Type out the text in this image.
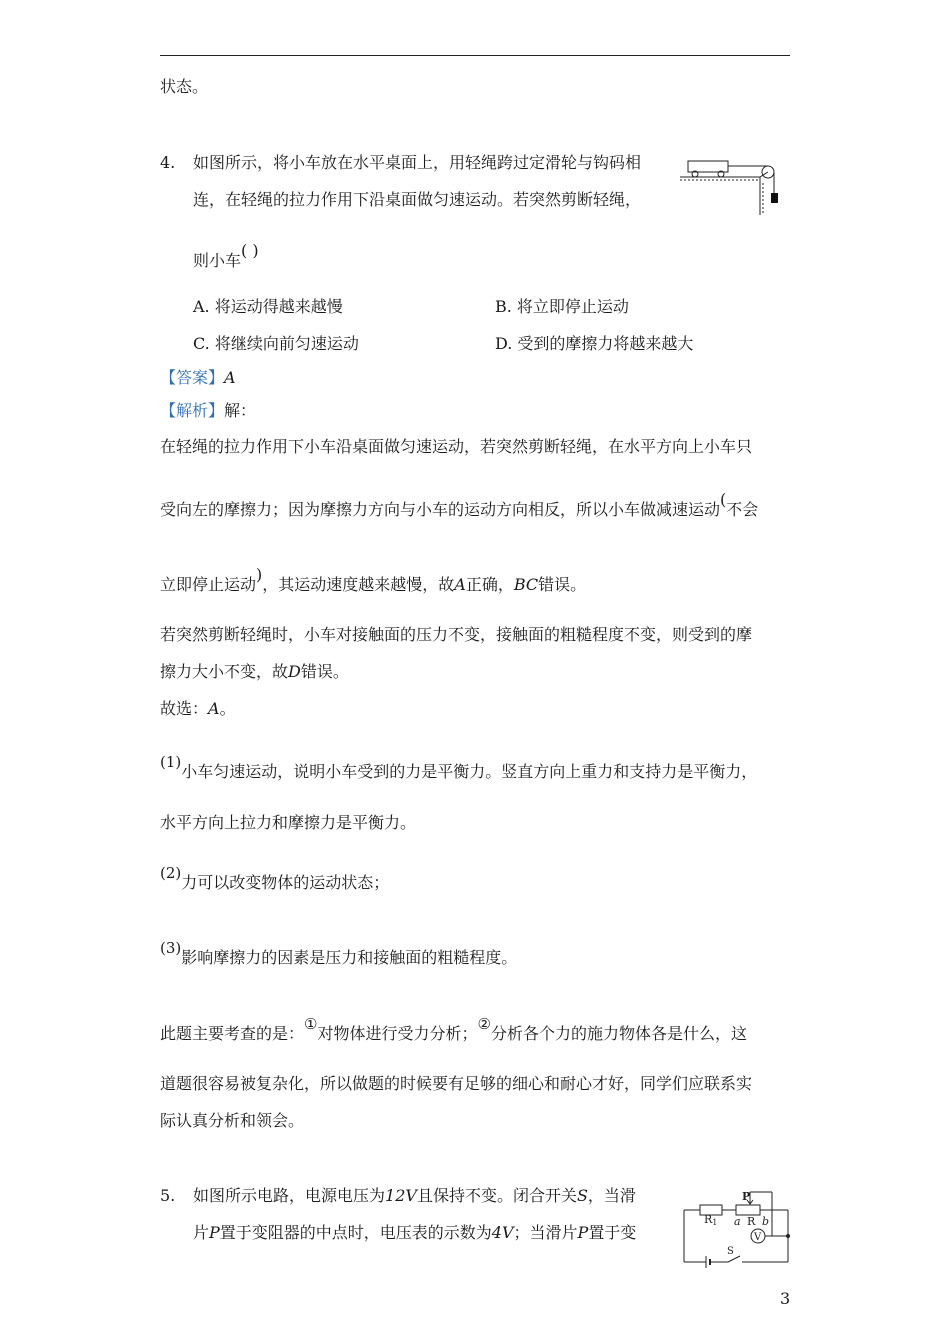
状态。
4. 如图所示，将小车放在水平桌面上，用轻绳跨过定滑轮与钩码相
连，在轻绳的拉力作用下沿桌面做匀速运动。若突然剪断轻绳，
则小车( )
A. 将运动得越来越慢	B. 将立即停止运动
C. 将继续向前匀速运动	D. 受到的摩擦力将越来越大
【答案】A
【解析】解：
在轻绳的拉力作用下小车沿桌面做匀速运动，若突然剪断轻绳，在水平方向上小车只
受向左的摩擦力；因为摩擦力方向与小车的运动方向相反，所以小车做减速运动(不会
立即停止运动)，其运动速度越来越慢，故A正确，BC错误。
若突然剪断轻绳时，小车对接触面的压力不变，接触面的粗糙程度不变，则受到的摩
擦力大小不变，故D错误。
故选：A。
(1)小车匀速运动，说明小车受到的力是平衡力。竖直方向上重力和支持力是平衡力，
水平方向上拉力和摩擦力是平衡力。
(2)力可以改变物体的运动状态；
(3)影响摩擦力的因素是压力和接触面的粗糙程度。
此题主要考查的是：①对物体进行受力分析；②分析各个力的施力物体各是什么，这
道题很容易被复杂化，所以做题的时候要有足够的细心和耐心才好，同学们应联系实
际认真分析和领会。
5. 如图所示电路，电源电压为12V且保持不变。闭合开关S，当滑
片P置于变阻器的中点时，电压表的示数为4V；当滑片P置于变
R1
P
a R b
V
S
3
